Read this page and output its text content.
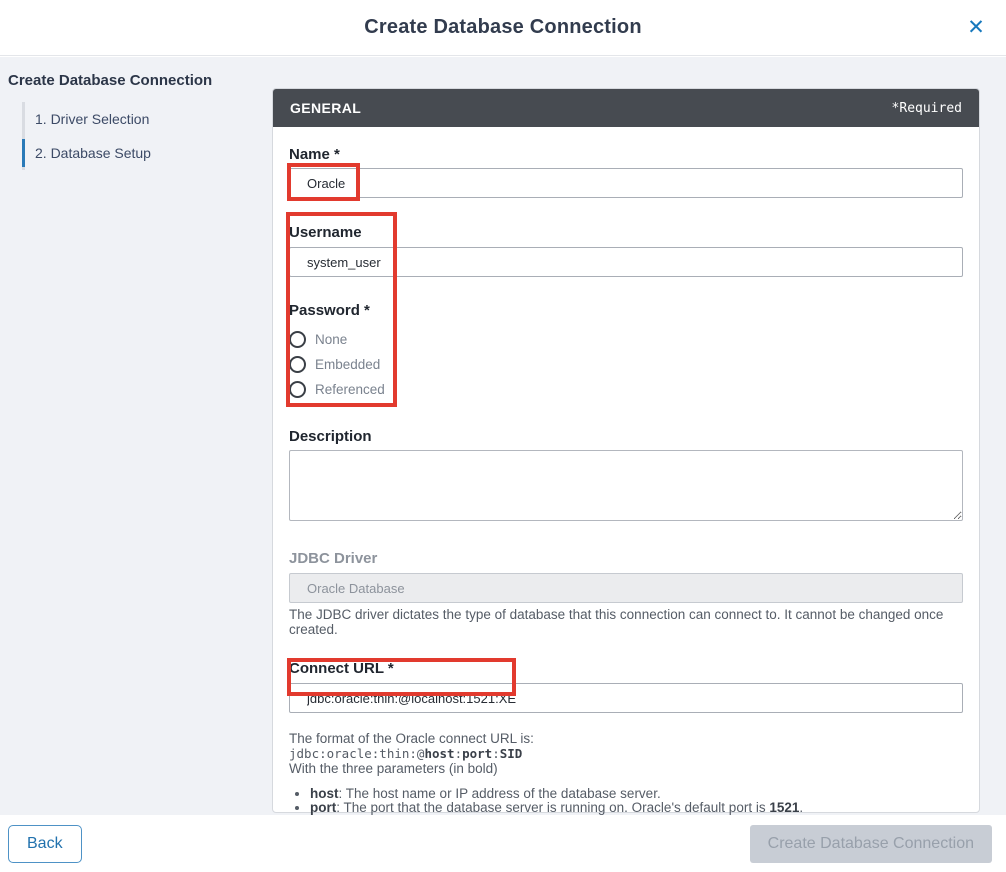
Create Database Connection	✕
Create Database Connection
1. Driver Selection
2. Database Setup
GENERAL	*Required
Name *
Oracle
Username
system_user
Password *
None
Embedded
Referenced
Description
JDBC Driver
Oracle Database
The JDBC driver dictates the type of database that this connection can connect to. It cannot be changed once created.
Connect URL *
jdbc:oracle:thin:@localhost:1521:XE
The format of the Oracle connect URL is:
jdbc:oracle:thin:@host:port:SID
With the three parameters (in bold)
• host: The host name or IP address of the database server.
• port: The port that the database server is running on. Oracle's default port is 1521.
•
Back	Create Database Connection
